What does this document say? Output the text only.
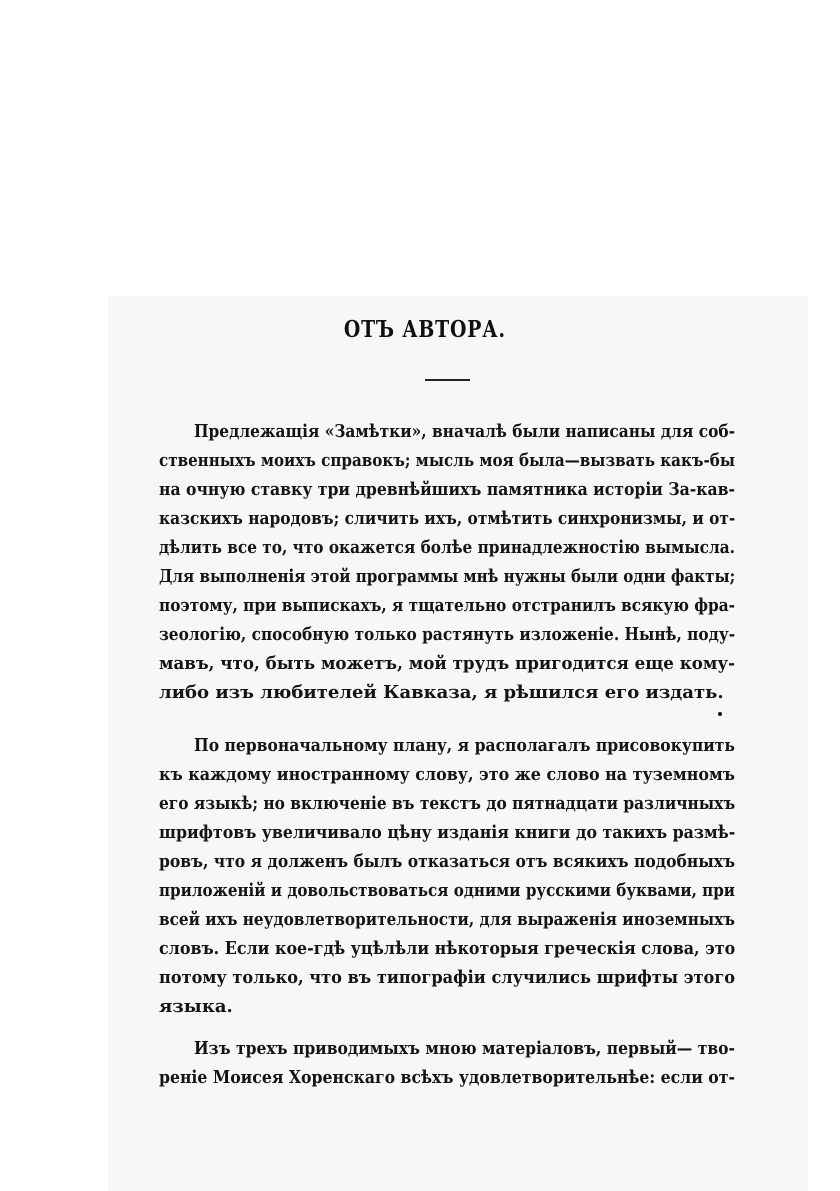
ОТЪ АВТОРА.
Предлежащія «Замѣтки», вначалѣ были написаны для соб-
ственныхъ моихъ справокъ; мысль моя была—вызвать какъ-бы
на очную ставку три древнѣйшихъ памятника исторіи За-кав-
казскихъ народовъ; сличить ихъ, отмѣтить синхронизмы, и от-
дѣлить все то, что окажется болѣе принадлежностію вымысла.
Для выполненія этой программы мнѣ нужны были одни факты;
поэтому, при выпискахъ, я тщательно отстранилъ всякую фра-
зеологію, способную только растянуть изложеніе. Нынѣ, поду-
мавъ, что, быть можетъ, мой трудъ пригодится еще кому-
либо изъ любителей Кавказа, я рѣшился его издать.
По первоначальному плану, я располагалъ присовокупить
къ каждому иностранному слову, это же слово на туземномъ
его языкѣ; но включеніе въ текстъ до пятнадцати различныхъ
шрифтовъ увеличивало цѣну изданія книги до такихъ размѣ-
ровъ, что я долженъ былъ отказаться отъ всякихъ подобныхъ
приложеній и довольствоваться одними русскими буквами, при
всей ихъ неудовлетворительности, для выраженія иноземныхъ
словъ. Если кое-гдѣ уцѣлѣли нѣкоторыя греческія слова, это
потому только, что въ типографіи случились шрифты этого
языка.
Изъ трехъ приводимыхъ мною матеріаловъ, первый— тво-
реніе Моисея Хоренскаго всѣхъ удовлетворительнѣе: если от-
